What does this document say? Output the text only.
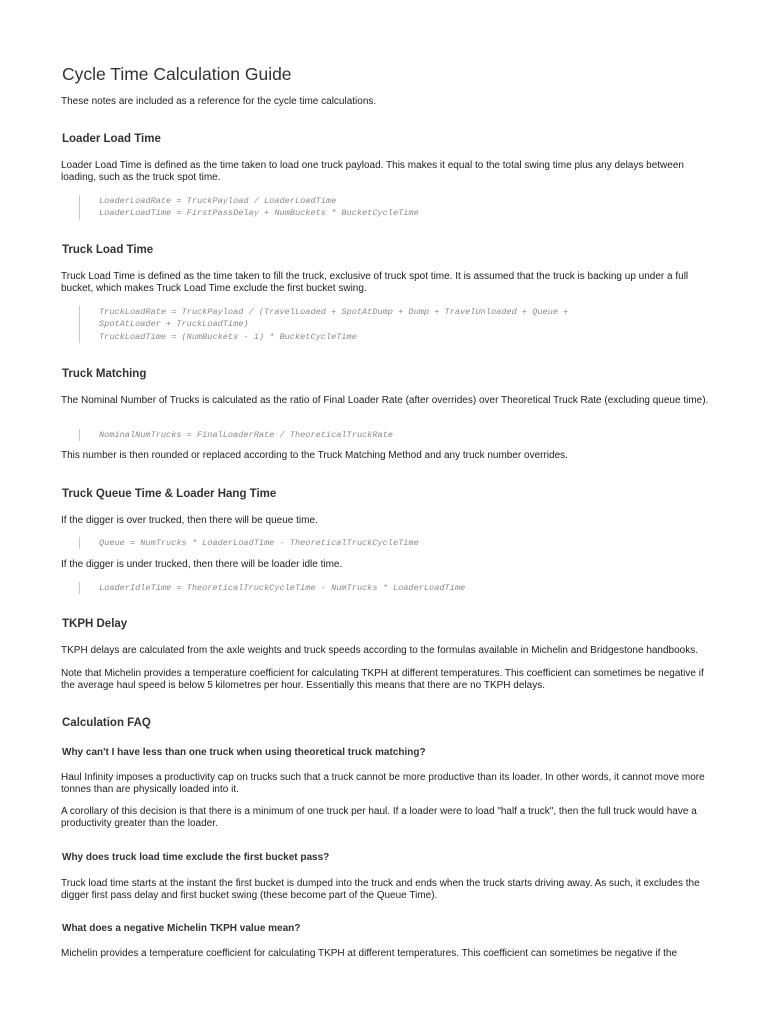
Cycle Time Calculation Guide

These notes are included as a reference for the cycle time calculations.

Loader Load Time

Loader Load Time is defined as the time taken to load one truck payload. This makes it equal to the total swing time plus any delays between loading, such as the truck spot time.

LoaderLoadRate = TruckPayload / LoaderLoadTime
LoaderLoadTime = FirstPassDelay + NumBuckets * BucketCycleTime
Truck Load Time

Truck Load Time is defined as the time taken to fill the truck, exclusive of truck spot time. It is assumed that the truck is backing up under a full bucket, which makes Truck Load Time exclude the first bucket swing.

TruckLoadRate = TruckPayload / (TravelLoaded + SpotAtDump + Dump + TravelUnloaded + Queue +
SpotAtLoader + TruckLoadTime)
TruckLoadTime = (NumBuckets - 1) * BucketCycleTime
Truck Matching

The Nominal Number of Trucks is calculated as the ratio of Final Loader Rate (after overrides) over Theoretical Truck Rate (excluding queue time).

NominalNumTrucks = FinalLoaderRate / TheoreticalTruckRate

This number is then rounded or replaced according to the Truck Matching Method and any truck number overrides.

Truck Queue Time & Loader Hang Time

If the digger is over trucked, then there will be queue time.

Queue = NumTrucks * LoaderLoadTime - TheoreticalTruckCycleTime

If the digger is under trucked, then there will be loader idle time.

LoaderIdleTime = TheoreticalTruckCycleTime - NumTrucks * LoaderLoadTime
TKPH Delay

TKPH delays are calculated from the axle weights and truck speeds according to the formulas available in Michelin and Bridgestone handbooks.

Note that Michelin provides a temperature coefficient for calculating TKPH at different temperatures. This coefficient can sometimes be negative if the average haul speed is below 5 kilometres per hour. Essentially this means that there are no TKPH delays.

Calculation FAQ
Why can't I have less than one truck when using theoretical truck matching?

Haul Infinity imposes a productivity cap on trucks such that a truck cannot be more productive than its loader. In other words, it cannot move more tonnes than are physically loaded into it.

A corollary of this decision is that there is a minimum of one truck per haul. If a loader were to load "half a truck", then the full truck would have a productivity greater than the loader.

Why does truck load time exclude the first bucket pass?

Truck load time starts at the instant the first bucket is dumped into the truck and ends when the truck starts driving away. As such, it excludes the digger first pass delay and first bucket swing (these become part of the Queue Time).

What does a negative Michelin TKPH value mean?

Michelin provides a temperature coefficient for calculating TKPH at different temperatures. This coefficient can sometimes be negative if the
